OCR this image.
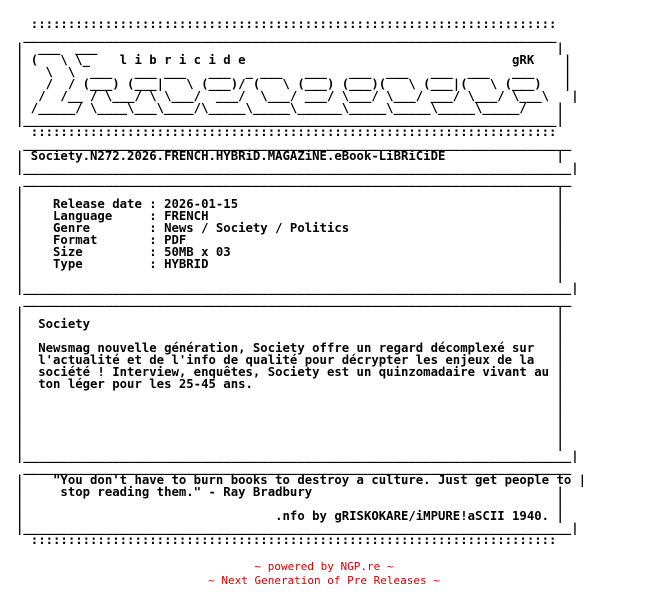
:::::::::::::::::::::::::::::::::::::::::::::::::::::::::::::::::::::::
________________________________________________________________________
|  ___  ___                                                              |
| (   \ \_    l i b r i c i d e                                    gRK    |
|   \  \  ___   ___ ___   ___  _ ___   ___   ___  ___   ___  ___   ___    |
|   /  / (___) (___|   \ (___)/ (   \ (___) (___)(   \ (___|(   \ (___)   |
|  /  /__ / \___/ \ \___/  ___/  \___/ ___/ \___/ \___/ ___/ \___/ \___\   |
| /_____/ \____\___\____/\_____\_____\______\_____\_____\_____\_____/    |
|________________________________________________________________________|
:::::::::::::::::::::::::::::::::::::::::::::::::::::::::::::::::::::::
__________________________________________________________________________
| Society.N272.2026.FRENCH.HYBRiD.MAGAZiNE.eBook-LiBRiCiDE               |
|__________________________________________________________________________|
__________________________________________________________________________
|                                                                        |
|    Release date : 2026-01-15                                           |
|    Language     : FRENCH                                               |
|    Genre        : News / Society / Politics                            |
|    Format       : PDF                                                  |
|    Size         : 50MB x 03                                            |
|    Type         : HYBRID                                               |
|                                                                        |
|__________________________________________________________________________|
__________________________________________________________________________
|                                                                        |
|  Society                                                               |
|                                                                        |
|  Newsmag nouvelle génération, Society offre un regard décomplexé sur   |
|  l'actualité et de l'info de qualité pour décrypter les enjeux de la   |
|  société ! Interview, enquêtes, Society est un quinzomadaire vivant au |
|  ton léger pour les 25-45 ans.                                         |
|                                                                        |
|                                                                        |
|                                                                        |
|                                                                        |
|                                                                        |
|__________________________________________________________________________|
__________________________________________________________________________
|    "You don't have to burn books to destroy a culture. Just get people to |
|     stop reading them." - Ray Bradbury                                 |
|                                                                        |
|                                  .nfo by gRISKOKARE/iMPURE!aSCII 1940. |
|__________________________________________________________________________|
:::::::::::::::::::::::::::::::::::::::::::::::::::::::::::::::::::::::

~ powered by NGP.re ~
~ Next Generation of Pre Releases ~
